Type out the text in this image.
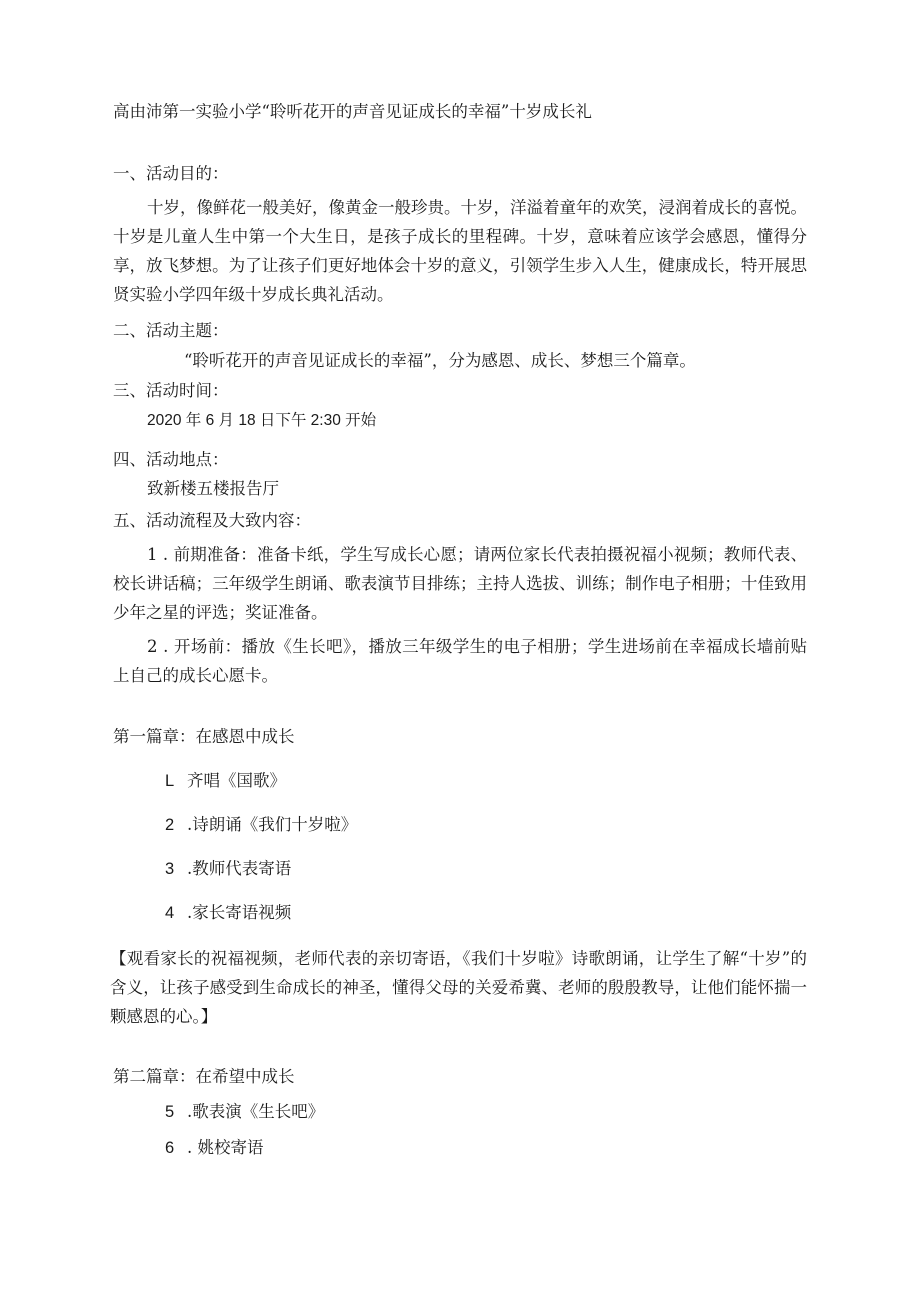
高由沛第一实验小学“聆听花开的声音见证成长的幸福”十岁成长礼
一、活动目的：
十岁，像鲜花一般美好，像黄金一般珍贵。十岁，洋溢着童年的欢笑，浸润着成长的喜悦。十岁是儿童人生中第一个大生日，是孩子成长的里程碑。十岁，意味着应该学会感恩，懂得分享，放飞梦想。为了让孩子们更好地体会十岁的意义，引领学生步入人生，健康成长，特开展思贤实验小学四年级十岁成长典礼活动。
二、活动主题：
“聆听花开的声音见证成长的幸福”，分为感恩、成长、梦想三个篇章。
三、活动时间：
2020 年 6 月 18 日下午 2:30 开始
四、活动地点：
致新楼五楼报告厅
五、活动流程及大致内容：
1 . 前期准备：准备卡纸，学生写成长心愿；请两位家长代表拍摄祝福小视频；教师代表、校长讲话稿；三年级学生朗诵、歌表演节目排练；主持人选拔、训练；制作电子相册；十佳致用少年之星的评选；奖证准备。
2 . 开场前：播放《生长吧》，播放三年级学生的电子相册；学生进场前在幸福成长墙前贴上自己的成长心愿卡。
第一篇章：在感恩中成长
L 齐唱《国歌》
2 .诗朗诵《我们十岁啦》
3 .教师代表寄语
4 .家长寄语视频
【观看家长的祝福视频，老师代表的亲切寄语，《我们十岁啦》诗歌朗诵，让学生了解“十岁”的含义，让孩子感受到生命成长的神圣，懂得父母的关爱希冀、老师的殷殷教导，让他们能怀揣一颗感恩的心。】
第二篇章：在希望中成长
5 .歌表演《生长吧》
6 . 姚校寄语
